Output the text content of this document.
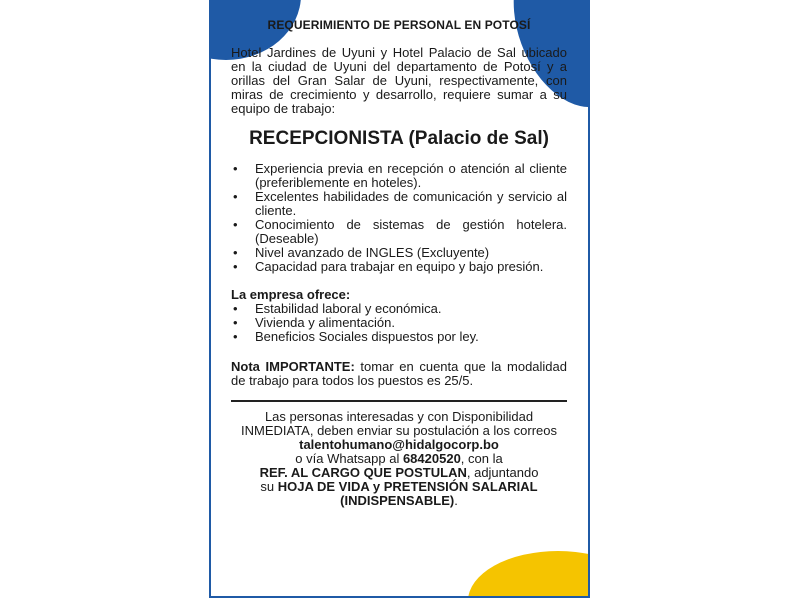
REQUERIMIENTO DE PERSONAL EN POTOSÍ

Hotel Jardines de Uyuni y Hotel Palacio de Sal ubicado en la ciudad de Uyuni del departamento de Potosí y a orillas del Gran Salar de Uyuni, respectivamente, con miras de crecimiento y desarrollo, requiere sumar a su equipo de trabajo:

RECEPCIONISTA (Palacio de Sal)

• Experiencia previa en recepción o atención al cliente (preferiblemente en hoteles).
• Excelentes habilidades de comunicación y servicio al cliente.
• Conocimiento de sistemas de gestión hotelera. (Deseable)
• Nivel avanzado de INGLES (Excluyente)
• Capacidad para trabajar en equipo y bajo presión.

La empresa ofrece:

• Estabilidad laboral y económica.
• Vivienda y alimentación.
• Beneficios Sociales dispuestos por ley.

Nota IMPORTANTE: tomar en cuenta que la modalidad de trabajo para todos los puestos es 25/5.

Las personas interesadas y con Disponibilidad INMEDIATA, deben enviar su postulación a los correos
talentohumano@hidalgocorp.bo
o vía Whatsapp al 68420520, con la
REF. AL CARGO QUE POSTULAN, adjuntando
su HOJA DE VIDA y PRETENSIÓN SALARIAL (INDISPENSABLE).
